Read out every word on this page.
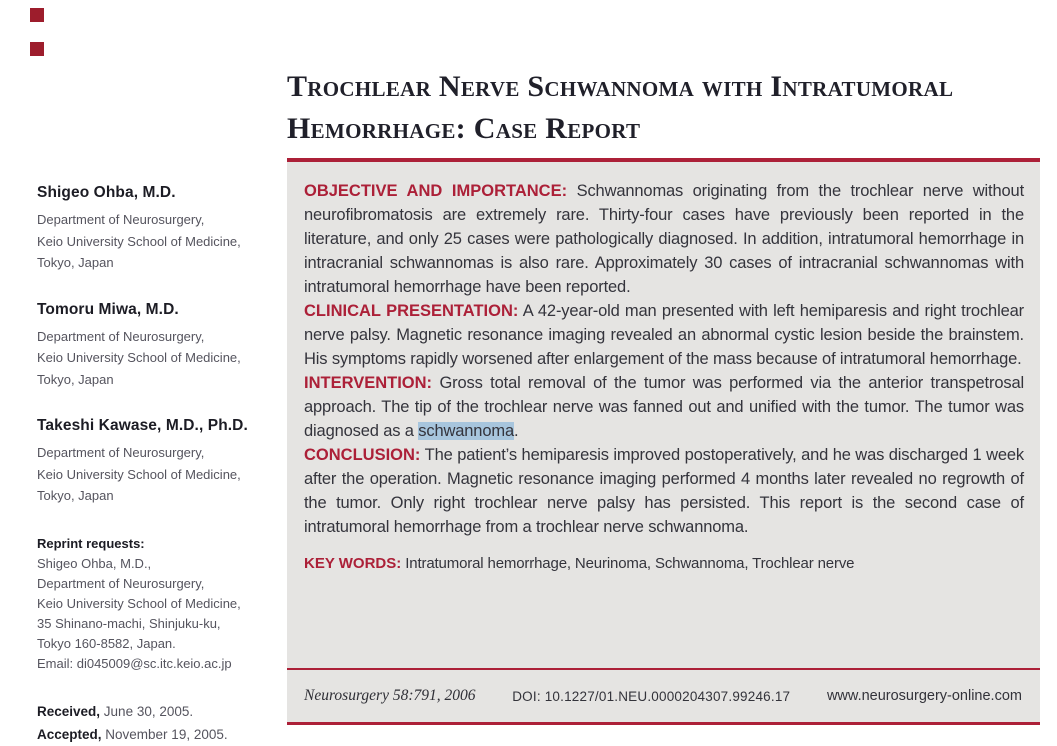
Trochlear Nerve Schwannoma with Intratumoral
Hemorrhage: Case Report
Shigeo Ohba, M.D.
Department of Neurosurgery,
Keio University School of Medicine,
Tokyo, Japan
Tomoru Miwa, M.D.
Department of Neurosurgery,
Keio University School of Medicine,
Tokyo, Japan
Takeshi Kawase, M.D., Ph.D.
Department of Neurosurgery,
Keio University School of Medicine,
Tokyo, Japan
Reprint requests:
Shigeo Ohba, M.D.,
Department of Neurosurgery,
Keio University School of Medicine,
35 Shinano-machi, Shinjuku-ku,
Tokyo 160-8582, Japan.
Email: di045009@sc.itc.keio.ac.jp
Received, June 30, 2005.
Accepted, November 19, 2005.

OBJECTIVE AND IMPORTANCE: Schwannomas originating from the trochlear nerve without neurofibromatosis are extremely rare. Thirty-four cases have previously been reported in the literature, and only 25 cases were pathologically diagnosed. In addition, intratumoral hemorrhage in intracranial schwannomas is also rare. Approximately 30 cases of intracranial schwannomas with intratumoral hemorrhage have been reported.

CLINICAL PRESENTATION: A 42-year-old man presented with left hemiparesis and right trochlear nerve palsy. Magnetic resonance imaging revealed an abnormal cystic lesion beside the brainstem. His symptoms rapidly worsened after enlargement of the mass because of intratumoral hemorrhage.

INTERVENTION: Gross total removal of the tumor was performed via the anterior transpetrosal approach. The tip of the trochlear nerve was fanned out and unified with the tumor. The tumor was diagnosed as a schwannoma.

CONCLUSION: The patient’s hemiparesis improved postoperatively, and he was discharged 1 week after the operation. Magnetic resonance imaging performed 4 months later revealed no regrowth of the tumor. Only right trochlear nerve palsy has persisted. This report is the second case of intratumoral hemorrhage from a trochlear nerve schwannoma.

KEY WORDS: Intratumoral hemorrhage, Neurinoma, Schwannoma, Trochlear nerve

Neurosurgery 58:791, 2006	DOI: 10.1227/01.NEU.0000204307.99246.17	www.neurosurgery-online.com
